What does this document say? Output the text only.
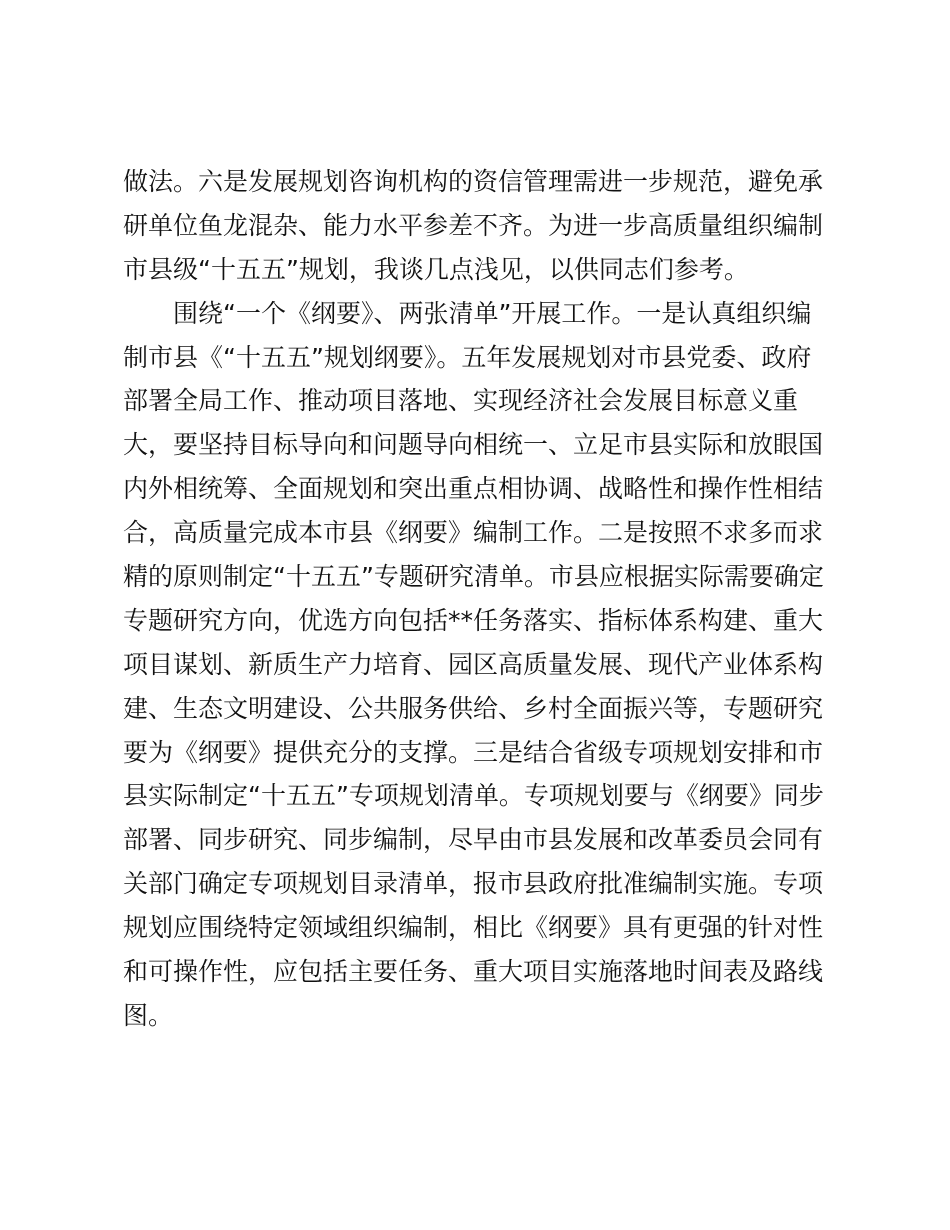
做法。六是发展规划咨询机构的资信管理需进一步规范，避免承
研单位鱼龙混杂、能力水平参差不齐。为进一步高质量组织编制
市县级“十五五”规划，我谈几点浅见，以供同志们参考。
围绕“一个《纲要》、两张清单”开展工作。一是认真组织编
制市县《“十五五”规划纲要》。五年发展规划对市县党委、政府
部署全局工作、推动项目落地、实现经济社会发展目标意义重
大，要坚持目标导向和问题导向相统一、立足市县实际和放眼国
内外相统筹、全面规划和突出重点相协调、战略性和操作性相结
合，高质量完成本市县《纲要》编制工作。二是按照不求多而求
精的原则制定“十五五”专题研究清单。市县应根据实际需要确定
专题研究方向，优选方向包括**任务落实、指标体系构建、重大
项目谋划、新质生产力培育、园区高质量发展、现代产业体系构
建、生态文明建设、公共服务供给、乡村全面振兴等，专题研究
要为《纲要》提供充分的支撑。三是结合省级专项规划安排和市
县实际制定“十五五”专项规划清单。专项规划要与《纲要》同步
部署、同步研究、同步编制，尽早由市县发展和改革委员会同有
关部门确定专项规划目录清单，报市县政府批准编制实施。专项
规划应围绕特定领域组织编制，相比《纲要》具有更强的针对性
和可操作性，应包括主要任务、重大项目实施落地时间表及路线
图。
